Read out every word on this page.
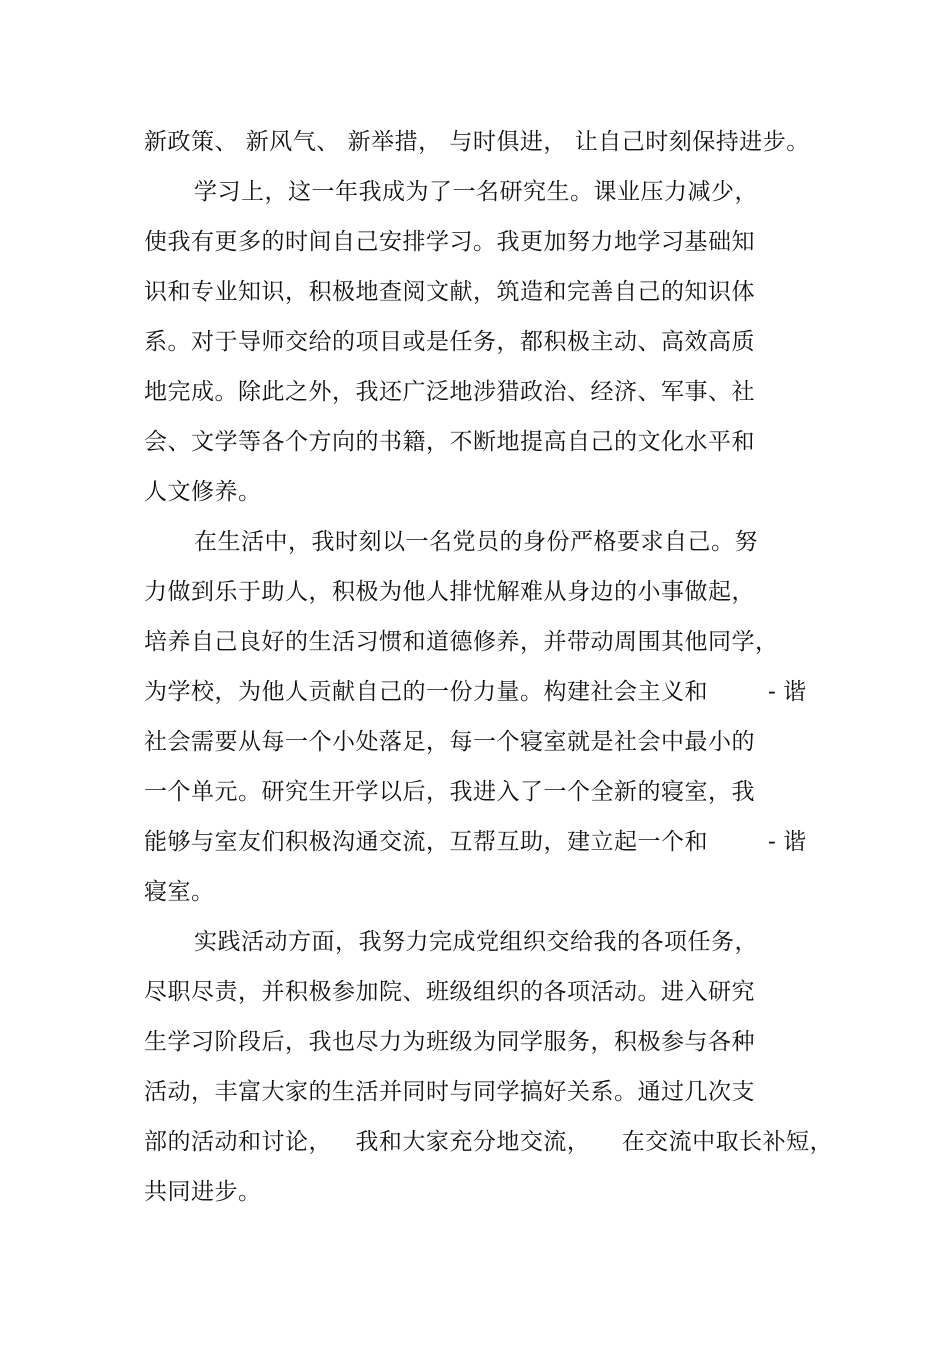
新政策、 新风气、 新举措， 与时俱进， 让自己时刻保持进步。
学习上，这一年我成为了一名研究生。课业压力减少，
使我有更多的时间自己安排学习。我更加努力地学习基础知
识和专业知识，积极地查阅文献，筑造和完善自己的知识体
系。对于导师交给的项目或是任务，都积极主动、高效高质
地完成。除此之外，我还广泛地涉猎政治、经济、军事、社
会、文学等各个方向的书籍，不断地提高自己的文化水平和
人文修养。
在生活中，我时刻以一名党员的身份严格要求自己。努
力做到乐于助人，积极为他人排忧解难从身边的小事做起，
培养自己良好的生活习惯和道德修养，并带动周围其他同学，
为学校，为他人贡献自己的一份力量。构建社会主义和	- 谐
社会需要从每一个小处落足，每一个寝室就是社会中最小的
一个单元。研究生开学以后，我进入了一个全新的寝室，我
能够与室友们积极沟通交流，互帮互助，建立起一个和	- 谐
寝室。
实践活动方面，我努力完成党组织交给我的各项任务，
尽职尽责，并积极参加院、班级组织的各项活动。进入研究
生学习阶段后，我也尽力为班级为同学服务，积极参与各种
活动，丰富大家的生活并同时与同学搞好关系。通过几次支
部的活动和讨论，   我和大家充分地交流，    在交流中取长补短，
共同进步。
